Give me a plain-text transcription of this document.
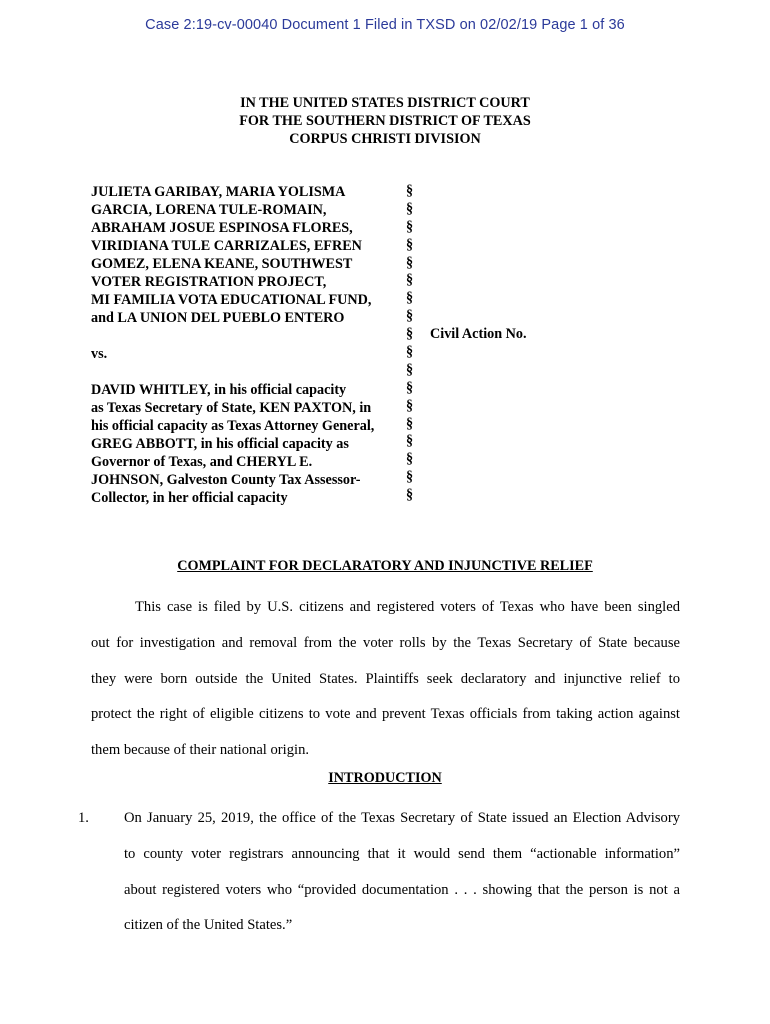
Case 2:19-cv-00040 Document 1 Filed in TXSD on 02/02/19 Page 1 of 36
IN THE UNITED STATES DISTRICT COURT
FOR THE SOUTHERN DISTRICT OF TEXAS
CORPUS CHRISTI DIVISION
JULIETA GARIBAY, MARIA YOLISMA
GARCIA, LORENA TULE-ROMAIN,
ABRAHAM JOSUE ESPINOSA FLORES,
VIRIDIANA TULE CARRIZALES, EFREN
GOMEZ, ELENA KEANE, SOUTHWEST
VOTER REGISTRATION PROJECT,
MI FAMILIA VOTA EDUCATIONAL FUND,
and LA UNION DEL PUEBLO ENTERO
vs.
DAVID WHITLEY, in his official capacity
as Texas Secretary of State, KEN PAXTON, in
his official capacity as Texas Attorney General,
GREG ABBOTT, in his official capacity as
Governor of Texas, and CHERYL E.
JOHNSON, Galveston County Tax Assessor-
Collector, in her official capacity
§
§
§
§
§
§
§
§
§
§
§
§
§
§
§
§
§
§
Civil Action No.
COMPLAINT FOR DECLARATORY AND INJUNCTIVE RELIEF
This case is filed by U.S. citizens and registered voters of Texas who have been singled
out for investigation and removal from the voter rolls by the Texas Secretary of State because
they were born outside the United States. Plaintiffs seek declaratory and injunctive relief to
protect the right of eligible citizens to vote and prevent Texas officials from taking action against
them because of their national origin.
INTRODUCTION
1. On January 25, 2019, the office of the Texas Secretary of State issued an Election Advisory
to county voter registrars announcing that it would send them “actionable information”
about registered voters who “provided documentation . . . showing that the person is not a
citizen of the United States.”
